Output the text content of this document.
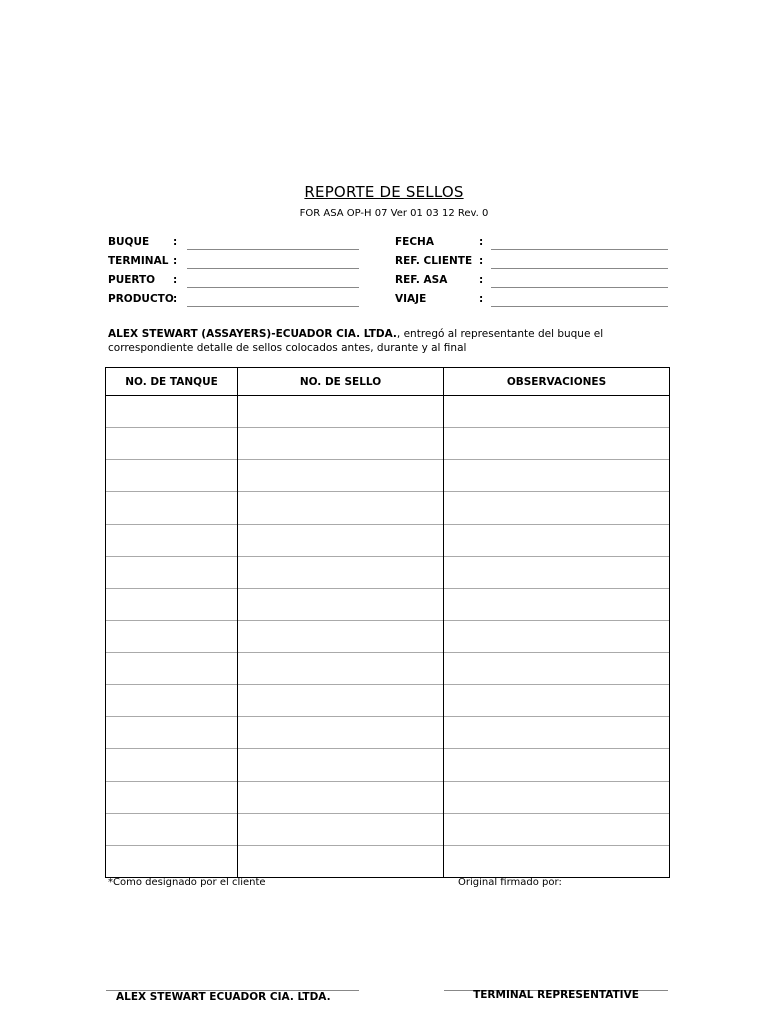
REPORTE DE SELLOS
FOR ASA OP-H 07 Ver 01 03 12 Rev. 0
BUQUE	:
TERMINAL :
PUERTO	:
PRODUCTO :
FECHA	:
REF. CLIENTE :
REF. ASA	:
VIAJE	:
ALEX STEWART (ASSAYERS)-ECUADOR CIA. LTDA., entregó al representante del buque el correspondiente detalle de sellos colocados antes, durante y al final
NO. DE TANQUE	NO. DE SELLO	OBSERVACIONES

*Como designado por el cliente	Original firmado por:
ALEX STEWART ECUADOR CIA. LTDA.	TERMINAL REPRESENTATIVE
